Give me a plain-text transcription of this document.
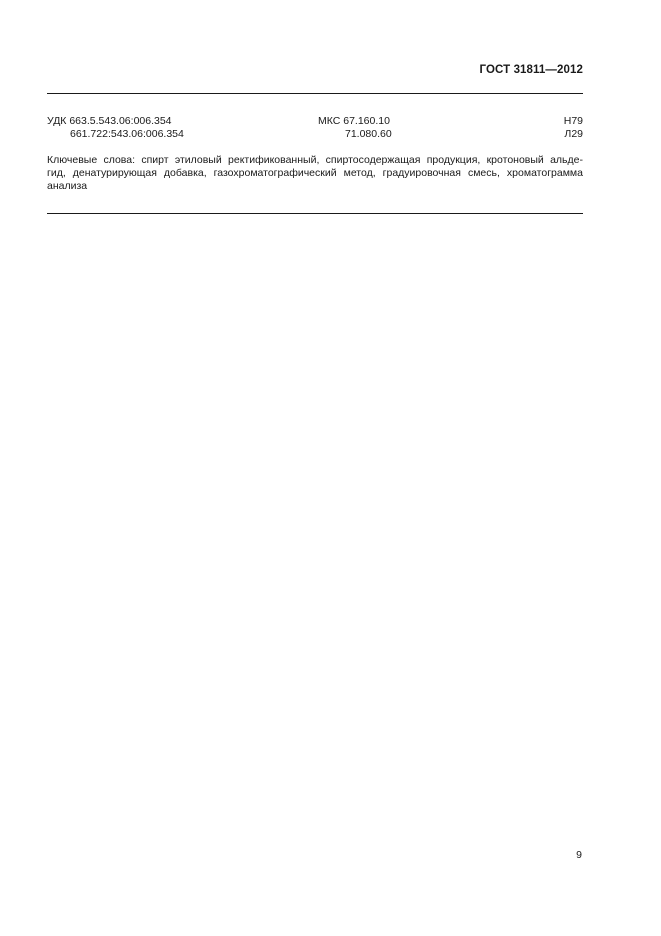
ГОСТ 31811—2012
УДК 663.5.543.06:006.354
661.722:543.06:006.354
МКС 67.160.10
71.080.60
Н79
Л29
Ключевые слова: спирт этиловый ректификованный, спиртосодержащая продукция, кротоновый альде-
гид, денатурирующая добавка, газохроматографический метод, градуировочная смесь, хроматограмма
анализа
9
